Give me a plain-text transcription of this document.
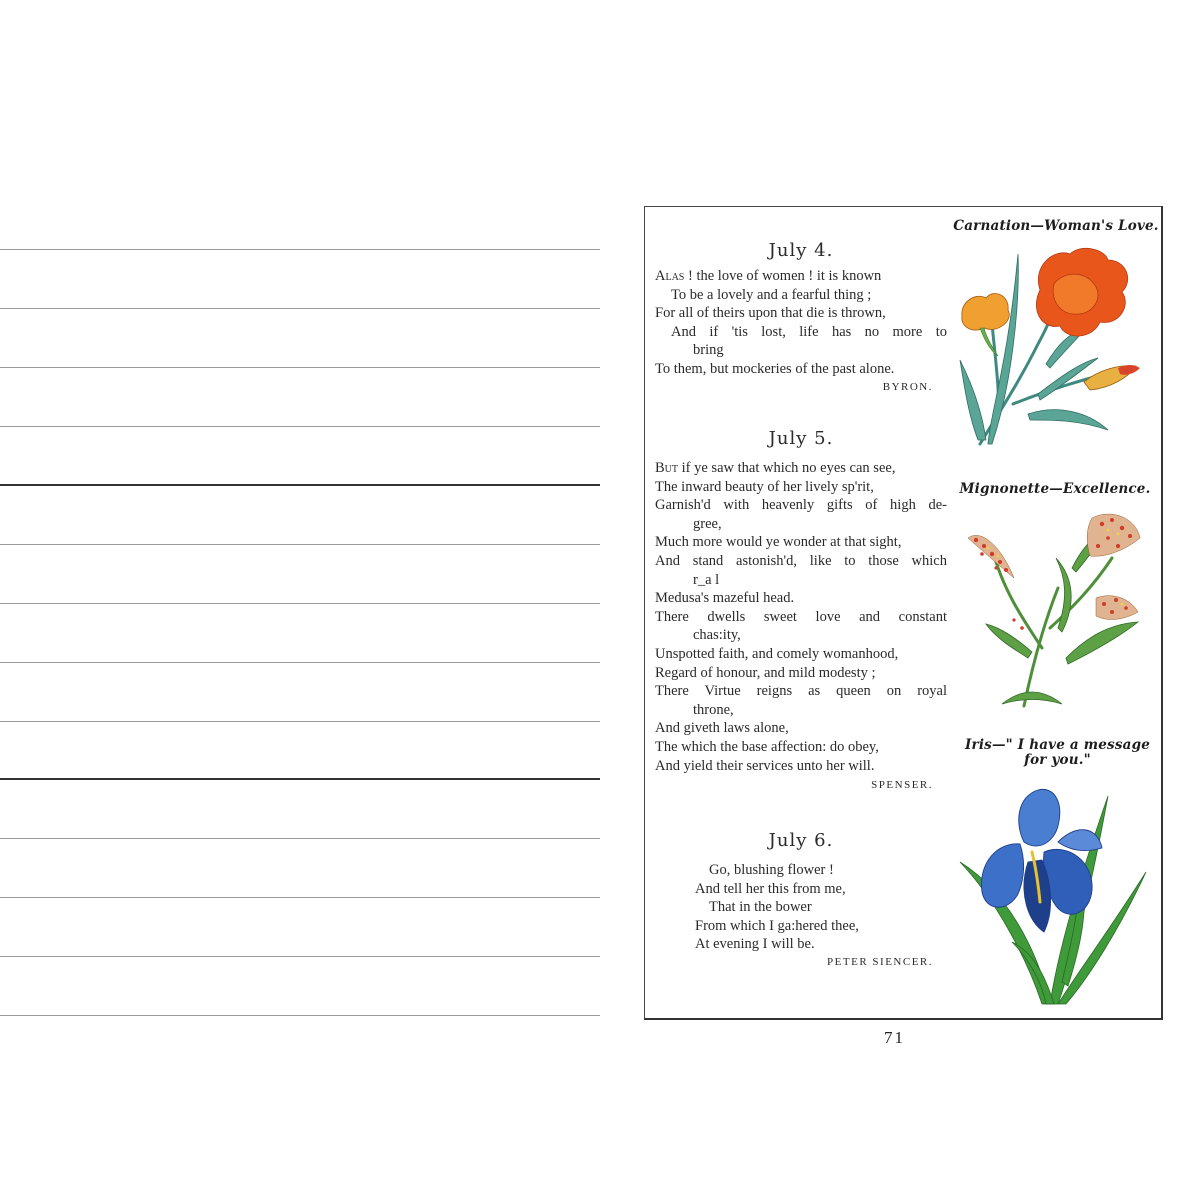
July 4.
Alas ! the love of women ! it is known
To be a lovely and a fearful thing ;
For all of theirs upon that die is thrown,
And if 'tis lost, life has no more to
bring
To them, but mockeries of the past alone.
BYRON.
July 5.
But if ye saw that which no eyes can see,
The inward beauty of her lively sp'rit,
Garnish'd with heavenly gifts of high de-
gree,
Much more would ye wonder at that sight,
And stand astonish'd, like to those which
r_a l
Medusa's mazeful head.
There dwells sweet love and constant
chas:ity,
Unspotted faith, and comely womanhood,
Regard of honour, and mild modesty ;
There Virtue reigns as queen on royal
throne,
And giveth laws alone,
The which the base affection: do obey,
And yield their services unto her will.
SPENSER.
July 6.
Go, blushing flower !
And tell her this from me,
That in the bower
From which I ga:hered thee,
At evening I will be.
PETER SIENCER.
Carnation—Woman's Love.
Mignonette—Excellence.
Iris—" I have a message
for you."
71
